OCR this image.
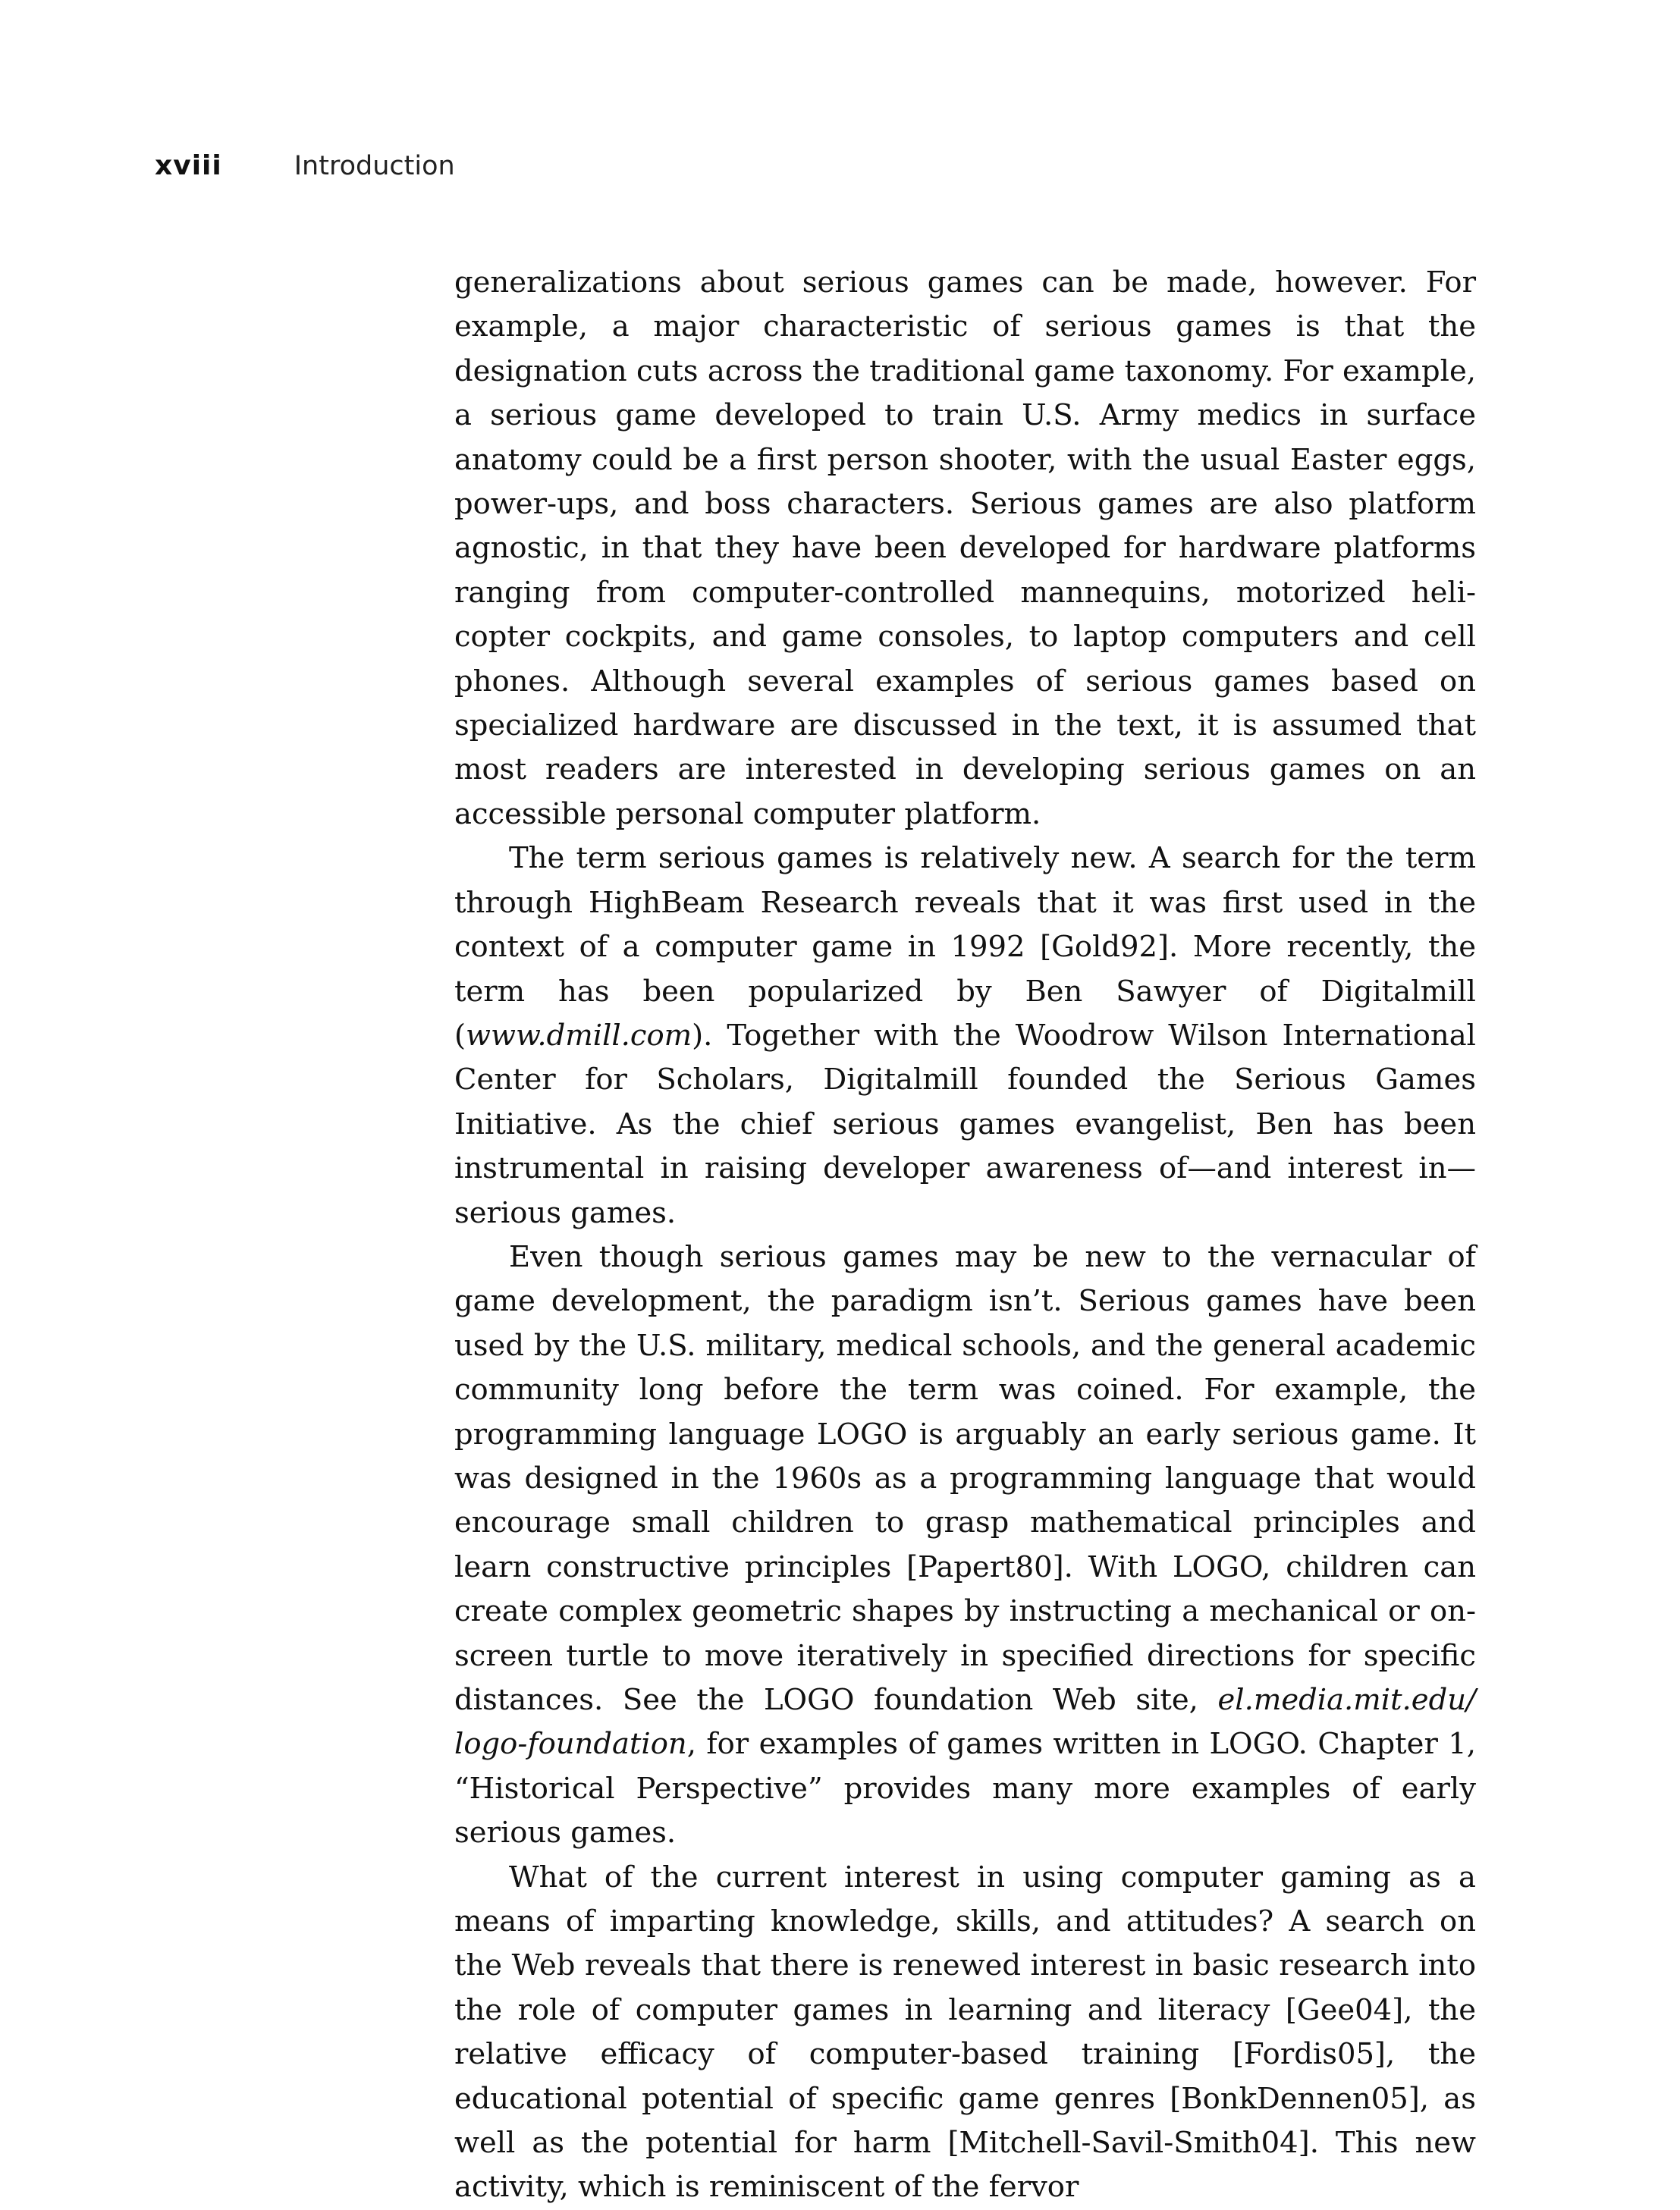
xviii	Introduction

generalizations about serious games can be made, however. For example, a major characteristic of serious games is that the designation cuts across the traditional game taxonomy. For example, a serious game developed to train U.S. Army medics in surface anatomy could be a first person shooter, with the usual Easter eggs, power-ups, and boss characters. Serious games are also platform agnostic, in that they have been developed for hardware platforms ranging from computer-controlled mannequins, motorized helicopter cockpits, and game consoles, to laptop computers and cell phones. Although several examples of serious games based on specialized hardware are discussed in the text, it is assumed that most readers are interested in developing serious games on an accessible personal computer platform.

The term serious games is relatively new. A search for the term through HighBeam Research reveals that it was first used in the context of a computer game in 1992 [Gold92]. More recently, the term has been popularized by Ben Sawyer of Digitalmill (www.dmill.com). Together with the Woodrow Wilson International Center for Scholars, Digitalmill founded the Serious Games Initiative. As the chief serious games evangelist, Ben has been instrumental in raising developer awareness of—and interest in—serious games.

Even though serious games may be new to the vernacular of game development, the paradigm isn’t. Serious games have been used by the U.S. military, medical schools, and the general academic community long before the term was coined. For example, the programming language LOGO is arguably an early serious game. It was designed in the 1960s as a programming language that would encourage small children to grasp mathematical principles and learn constructive principles [Papert80]. With LOGO, children can create complex geometric shapes by instructing a mechanical or on-screen turtle to move iteratively in specified directions for specific distances. See the LOGO foundation Web site, el.media.mit.edu/ logo-foundation, for examples of games written in LOGO. Chapter 1, “Historical Perspective” provides many more examples of early serious games.

What of the current interest in using computer gaming as a means of imparting knowledge, skills, and attitudes? A search on the Web reveals that there is renewed interest in basic research into the role of computer games in learning and literacy [Gee04], the relative efficacy of computer-based training [Fordis05], the educational potential of specific game genres [BonkDennen05], as well as the potential for harm [Mitchell-Savil-Smith04]. This new activity, which is reminiscent of the fervor
